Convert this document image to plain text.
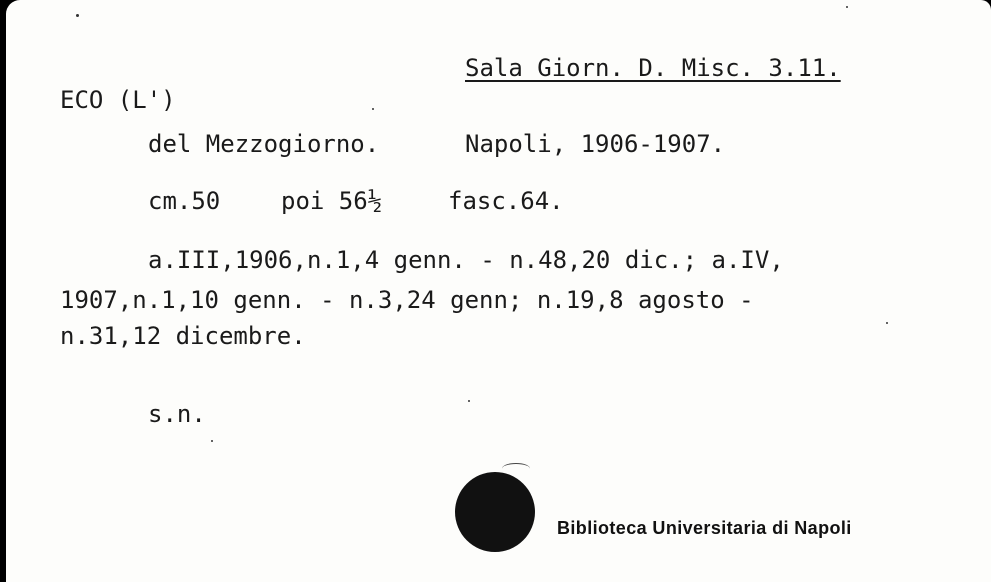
Sala Giorn. D. Misc. 3.11.
ECO (L')
del Mezzogiorno.	Napoli, 1906-1907.
cm.50	poi 56½	fasc.64.
a.III,1906,n.1,4 genn. - n.48,20 dic.; a.IV,
1907,n.1,10 genn. - n.3,24 genn; n.19,8 agosto -
n.31,12 dicembre.
s.n.
Biblioteca Universitaria di Napoli
